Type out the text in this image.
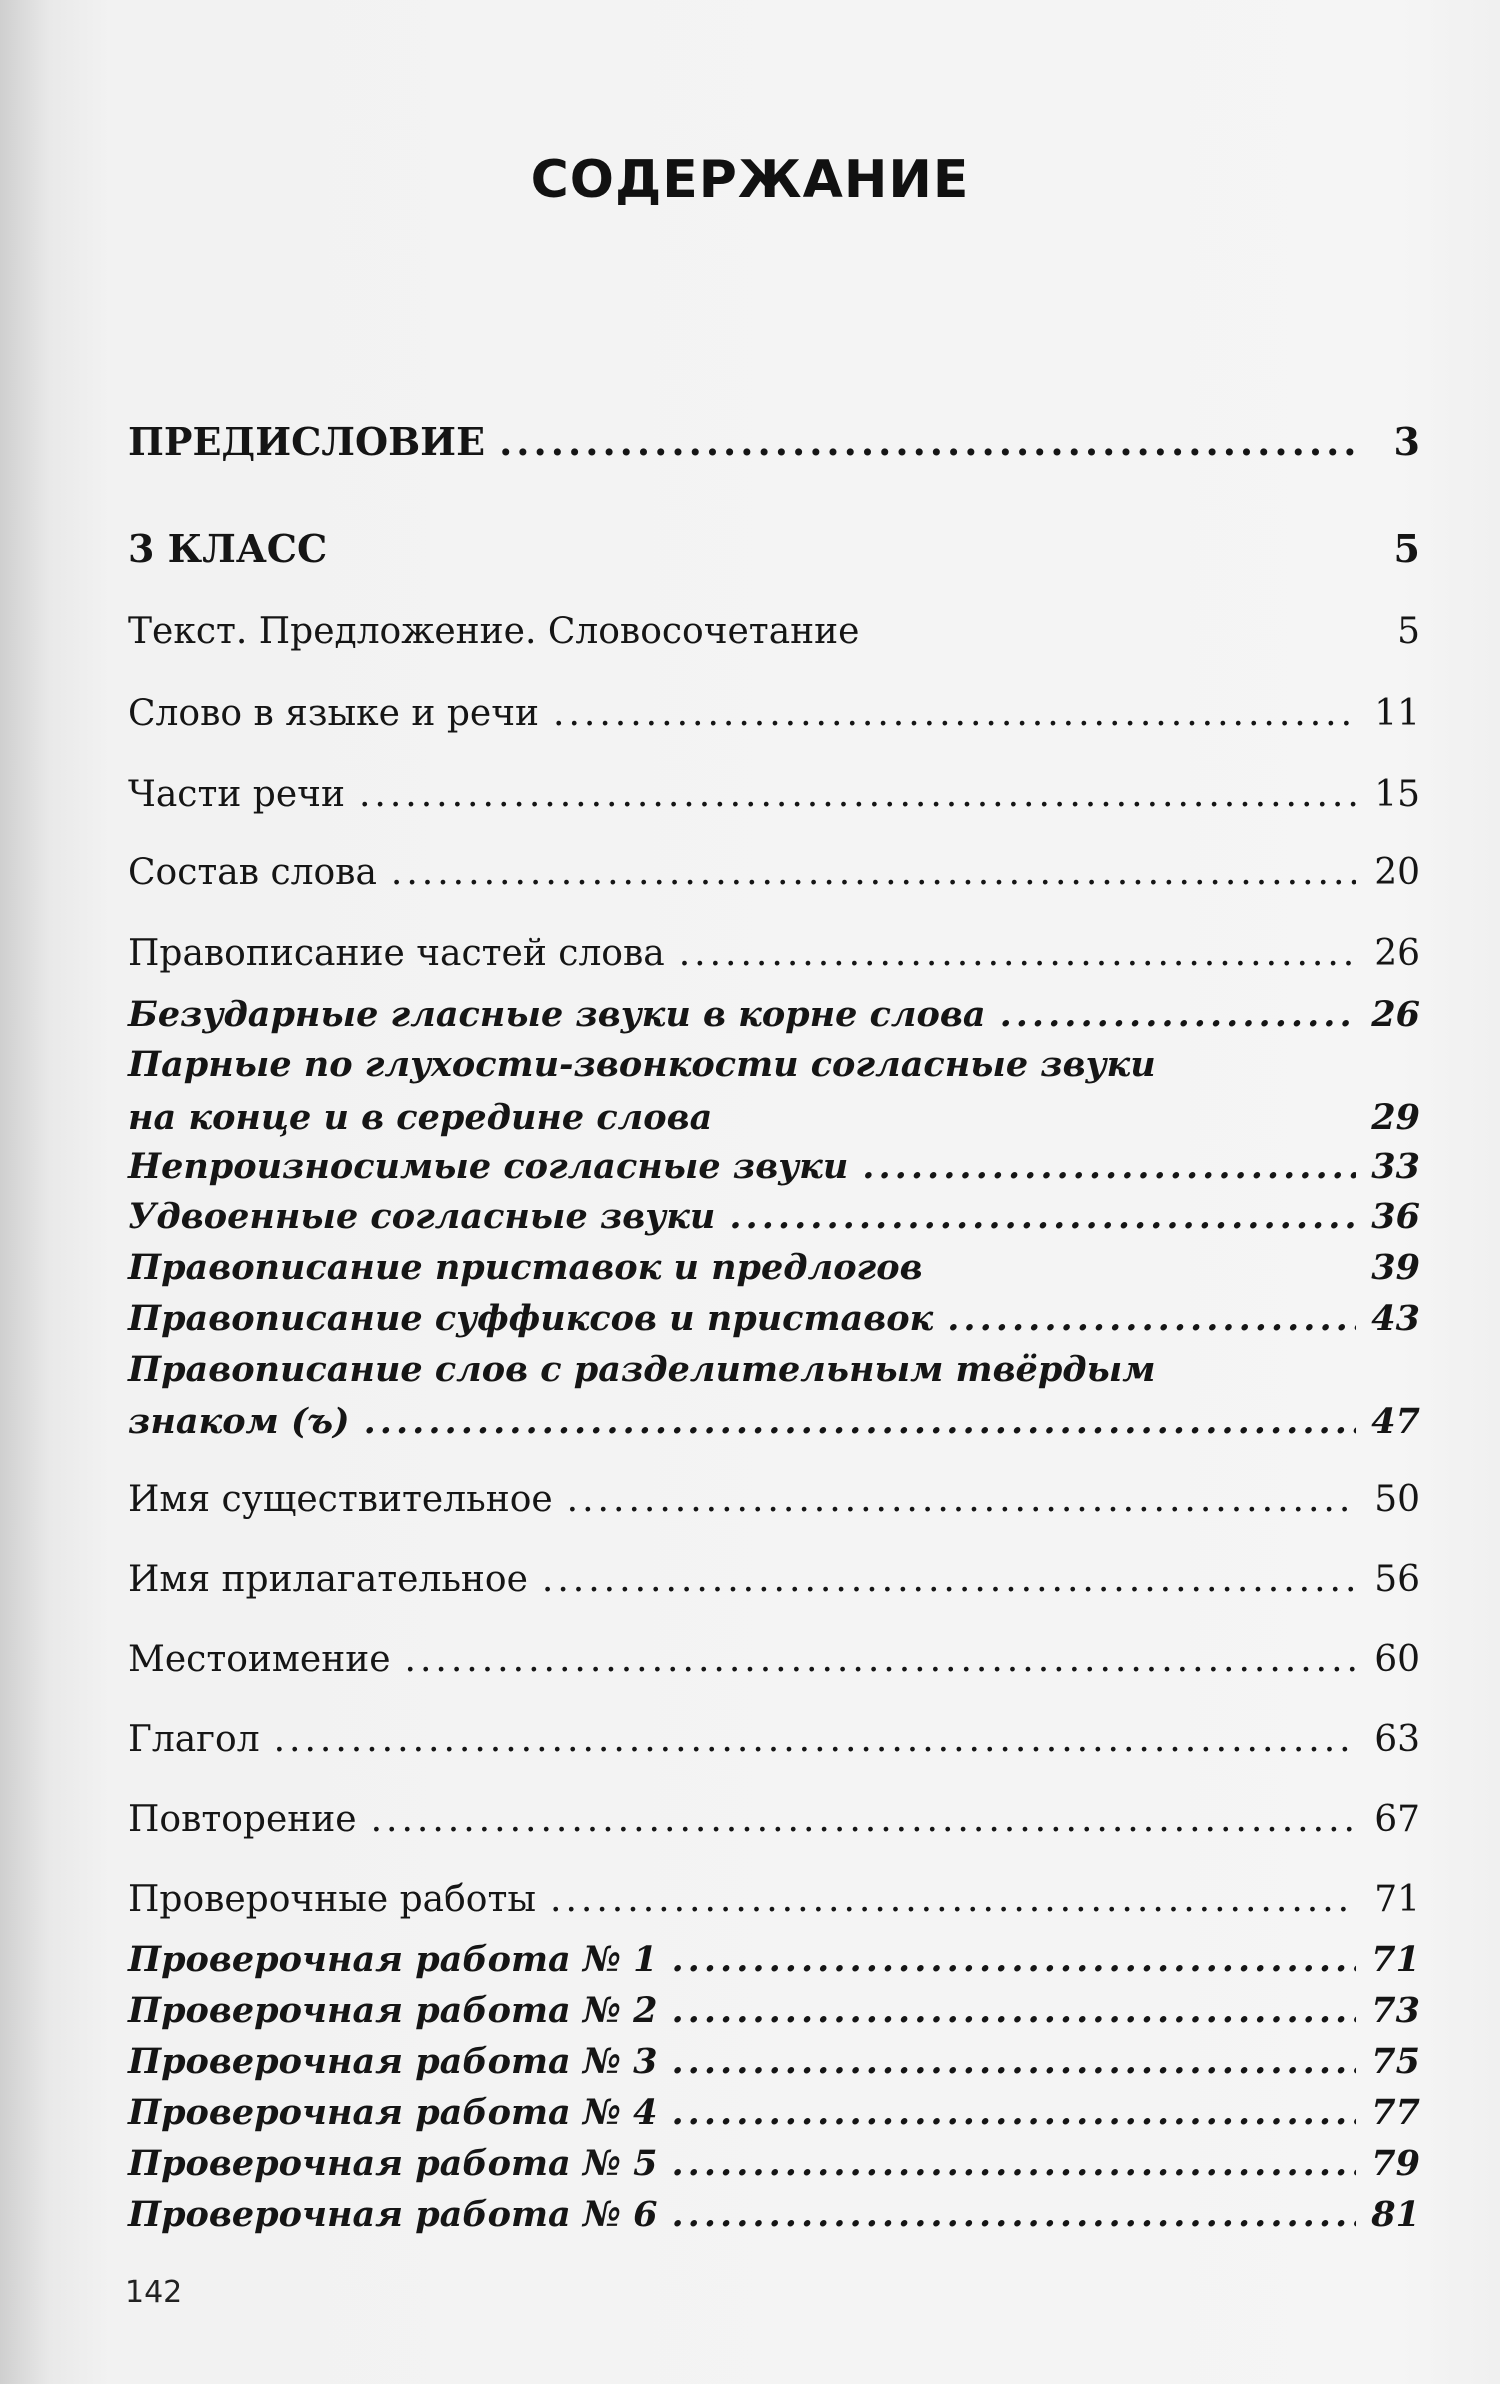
СОДЕРЖАНИЕ
ПРЕДИСЛОВИЕ .....	3
3 КЛАСС	5
Текст. Предложение. Словосочетание	5
Слово в языке и речи .....	11
Части речи .....	15
Состав слова .....	20
Правописание частей слова .....	26
Безударные гласные звуки в корне слова .....	26
Парные по глухости-звонкости согласные звуки
на конце и в середине слова	29
Непроизносимые согласные звуки .....	33
Удвоенные согласные звуки .....	36
Правописание приставок и предлогов	39
Правописание суффиксов и приставок .....	43
Правописание слов с разделительным твёрдым
знаком (ъ) .....	47
Имя существительное .....	50
Имя прилагательное .....	56
Местоимение .....	60
Глагол .....	63
Повторение .....	67
Проверочные работы .....	71
Проверочная работа № 1 .....	71
Проверочная работа № 2 .....	73
Проверочная работа № 3 .....	75
Проверочная работа № 4 .....	77
Проверочная работа № 5 .....	79
Проверочная работа № 6 .....	81
142
